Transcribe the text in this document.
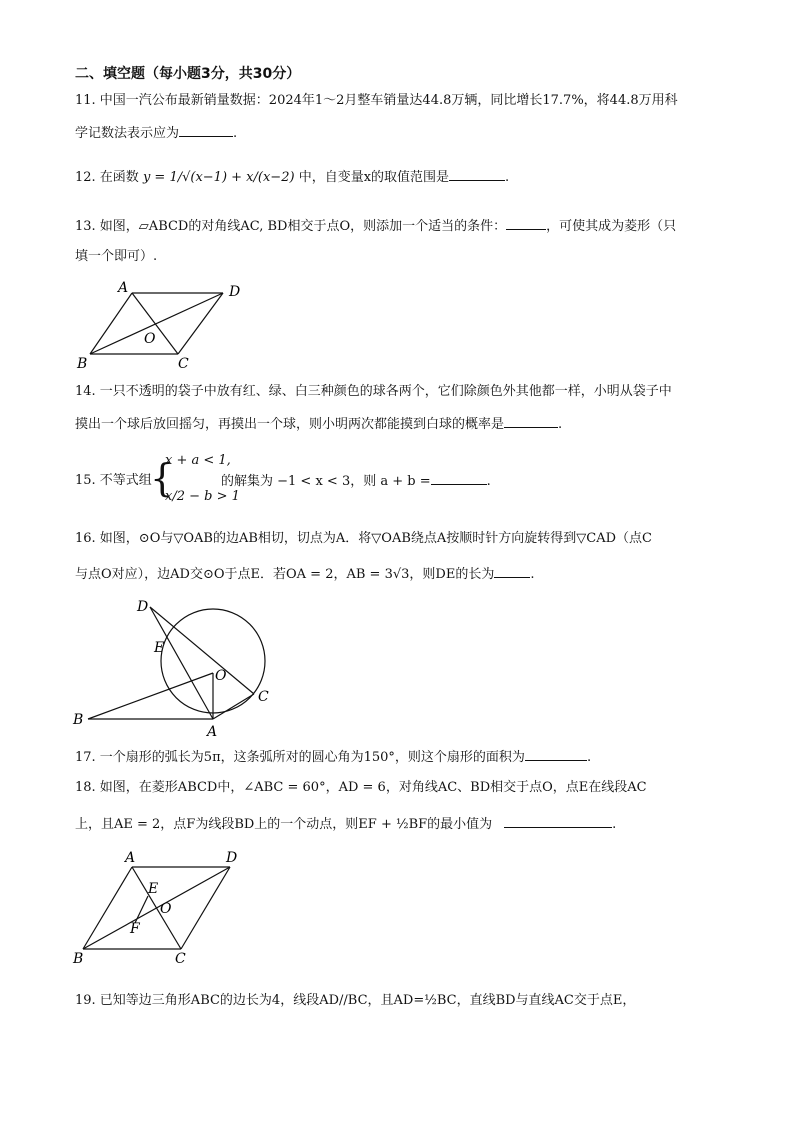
二、填空题（每小题3分，共30分）
11. 中国一汽公布最新销量数据：2024年1～2月整车销量达44.8万辆，同比增长17.7%，将44.8万用科
学记数法表示应为	.
12. 在函数 y = 1/√(x−1) + x/(x−2) 中，自变量x的取值范围是	.
13. 如图，▱ABCD的对角线AC, BD相交于点O，则添加一个适当的条件：	，可使其成为菱形（只
填一个即可）.
A	D
O
B	C
14. 一只不透明的袋子中放有红、绿、白三种颜色的球各两个，它们除颜色外其他都一样，小明从袋子中
摸出一个球后放回摇匀，再摸出一个球，则小明两次都能摸到白球的概率是	.
15. 不等式组
{
x + a < 1,
x/2 − b > 1
的解集为 −1 < x < 3，则 a + b =	.
16. 如图，⊙O与▽OAB的边AB相切，切点为A．将▽OAB绕点A按顺时针方向旋转得到▽CAD（点C
与点O对应），边AD交⊙O于点E．若OA = 2，AB = 3√3，则DE的长为	.
D
E
O
C
B
A
17. 一个扇形的弧长为5π，这条弧所对的圆心角为150°，则这个扇形的面积为	.
18. 如图，在菱形ABCD中，∠ABC = 60°，AD = 6，对角线AC、BD相交于点O，点E在线段AC
上，且AE = 2，点F为线段BD上的一个动点，则EF + ½BF的最小值为	.
A	D
E
O
F
B	C
19. 已知等边三角形ABC的边长为4，线段AD//BC，且AD=½BC，直线BD与直线AC交于点E，
